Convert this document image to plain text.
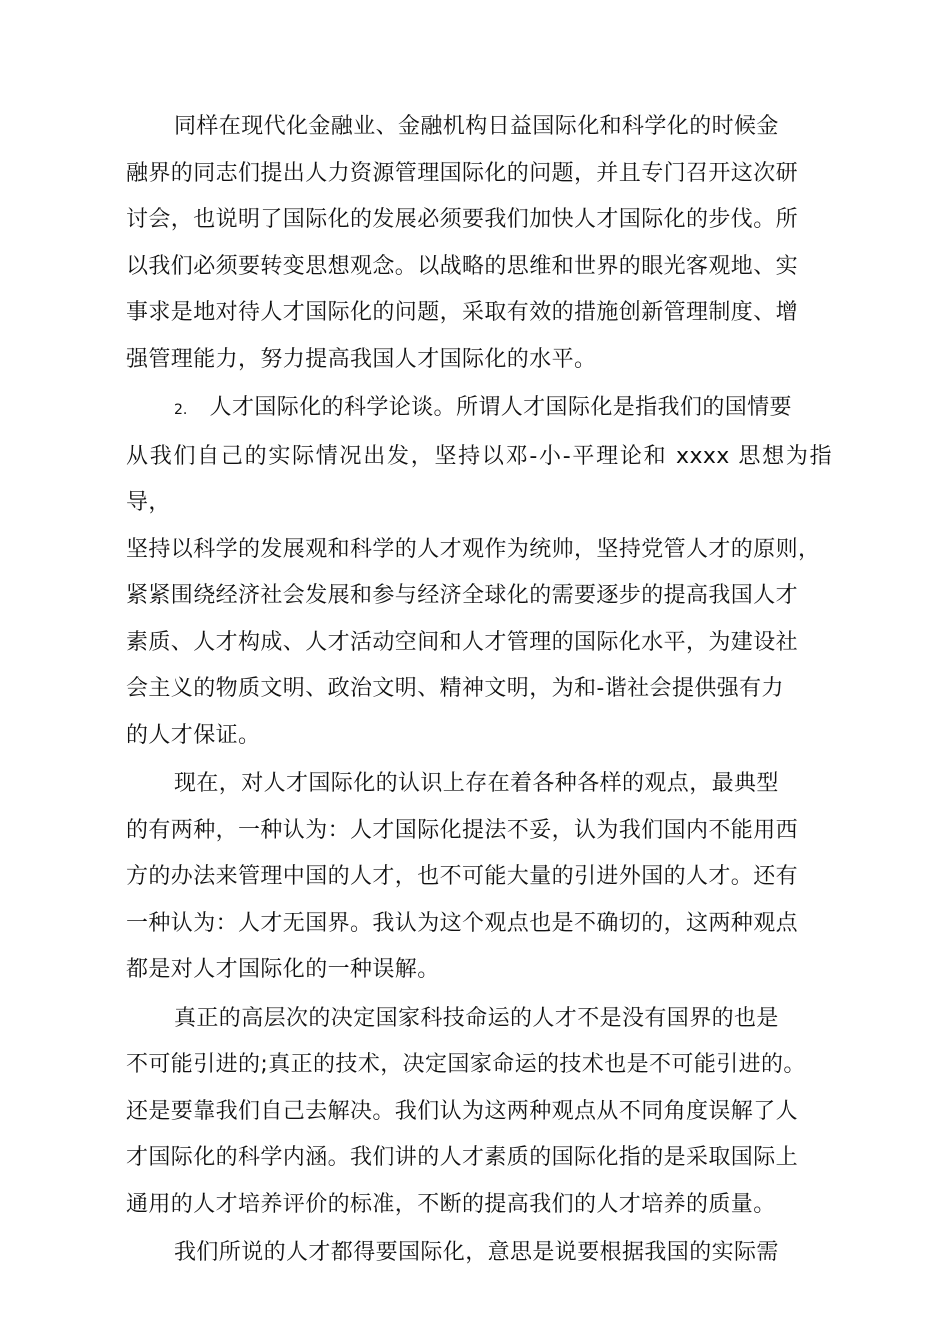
同样在现代化金融业、金融机构日益国际化和科学化的时候金
融界的同志们提出人力资源管理国际化的问题，并且专门召开这次研
讨会，也说明了国际化的发展必须要我们加快人才国际化的步伐。所
以我们必须要转变思想观念。以战略的思维和世界的眼光客观地、实
事求是地对待人才国际化的问题，采取有效的措施创新管理制度、增
强管理能力，努力提高我国人才国际化的水平。
2. 人才国际化的科学论谈。所谓人才国际化是指我们的国情要
从我们自己的实际情况出发，坚持以邓-小-平理论和 xxxx 思想为指导，
坚持以科学的发展观和科学的人才观作为统帅，坚持党管人才的原则，
紧紧围绕经济社会发展和参与经济全球化的需要逐步的提高我国人才
素质、人才构成、人才活动空间和人才管理的国际化水平，为建设社
会主义的物质文明、政治文明、精神文明，为和-谐社会提供强有力
的人才保证。
现在，对人才国际化的认识上存在着各种各样的观点，最典型
的有两种，一种认为：人才国际化提法不妥，认为我们国内不能用西
方的办法来管理中国的人才，也不可能大量的引进外国的人才。还有
一种认为：人才无国界。我认为这个观点也是不确切的，这两种观点
都是对人才国际化的一种误解。
真正的高层次的决定国家科技命运的人才不是没有国界的也是
不可能引进的;真正的技术，决定国家命运的技术也是不可能引进的。
还是要靠我们自己去解决。我们认为这两种观点从不同角度误解了人
才国际化的科学内涵。我们讲的人才素质的国际化指的是采取国际上
通用的人才培养评价的标准，不断的提高我们的人才培养的质量。
我们所说的人才都得要国际化，意思是说要根据我国的实际需
